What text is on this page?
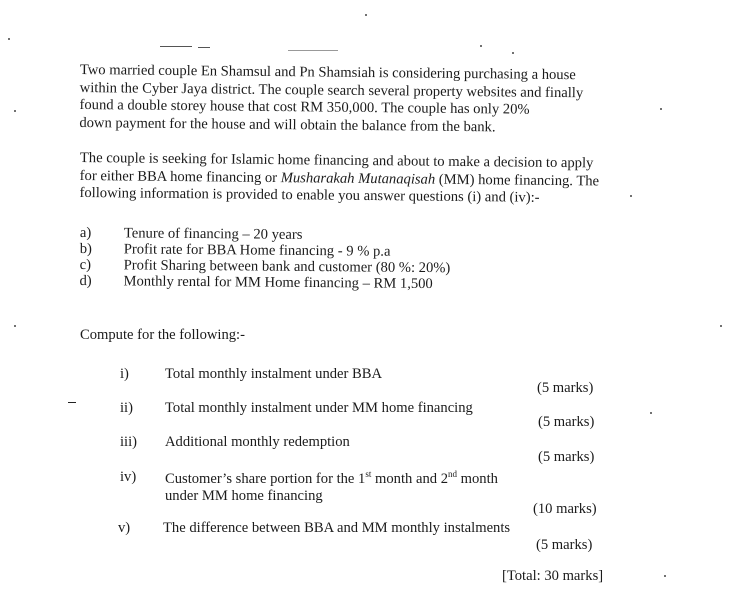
Two married couple En Shamsul and Pn Shamsiah is considering purchasing a house
within the Cyber Jaya district. The couple search several property websites and finally
found a double storey house that cost RM 350,000. The couple has only 20%
down payment for the house and will obtain the balance from the bank.
The couple is seeking for Islamic home financing and about to make a decision to apply
for either BBA home financing or Musharakah Mutanaqisah (MM) home financing. The
following information is provided to enable you answer questions (i) and (iv):-
a)	Tenure of financing – 20 years
b)	Profit rate for BBA Home financing - 9 % p.a
c)	Profit Sharing between bank and customer (80 %: 20%)
d)	Monthly rental for MM Home financing – RM 1,500
Compute for the following:-
i) Total monthly instalment under BBA
(5 marks)
ii) Total monthly instalment under MM home financing
(5 marks)
iii) Additional monthly redemption
(5 marks)
iv) Customer’s share portion for the 1st month and 2nd month
under MM home financing
(10 marks)
v) The difference between BBA and MM monthly instalments
(5 marks)
[Total: 30 marks]
